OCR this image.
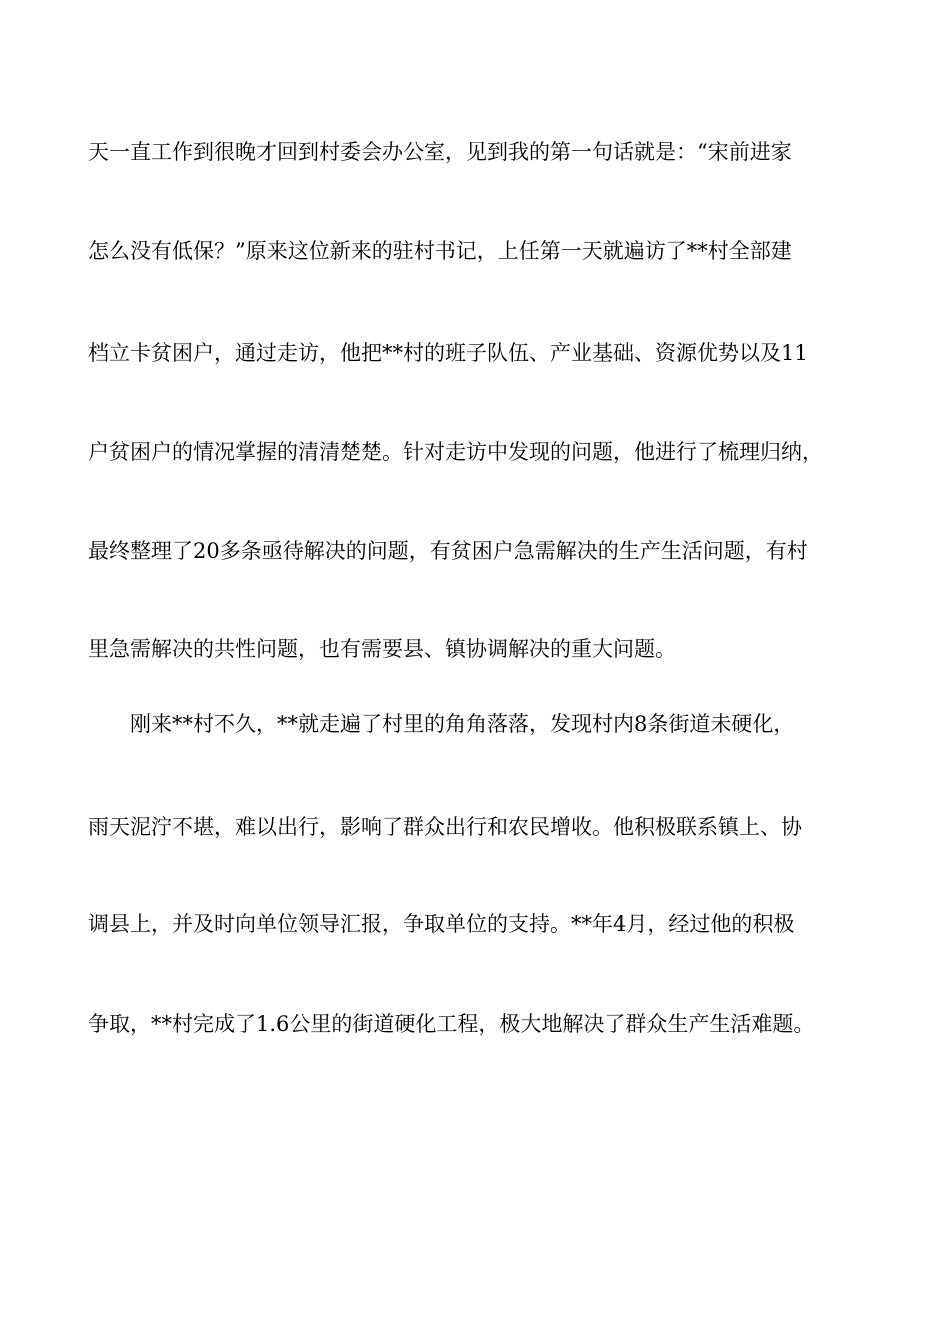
天一直工作到很晚才回到村委会办公室，见到我的第一句话就是：“宋前进家
怎么没有低保？”原来这位新来的驻村书记，上任第一天就遍访了**村全部建
档立卡贫困户，通过走访，他把**村的班子队伍、产业基础、资源优势以及11
户贫困户的情况掌握的清清楚楚。针对走访中发现的问题，他进行了梳理归纳，
最终整理了20多条亟待解决的问题，有贫困户急需解决的生产生活问题，有村
里急需解决的共性问题，也有需要县、镇协调解决的重大问题。
　　刚来**村不久，**就走遍了村里的角角落落，发现村内8条街道未硬化，
雨天泥泞不堪，难以出行，影响了群众出行和农民增收。他积极联系镇上、协
调县上，并及时向单位领导汇报，争取单位的支持。**年4月，经过他的积极
争取，**村完成了1.6公里的街道硬化工程，极大地解决了群众生产生活难题。
